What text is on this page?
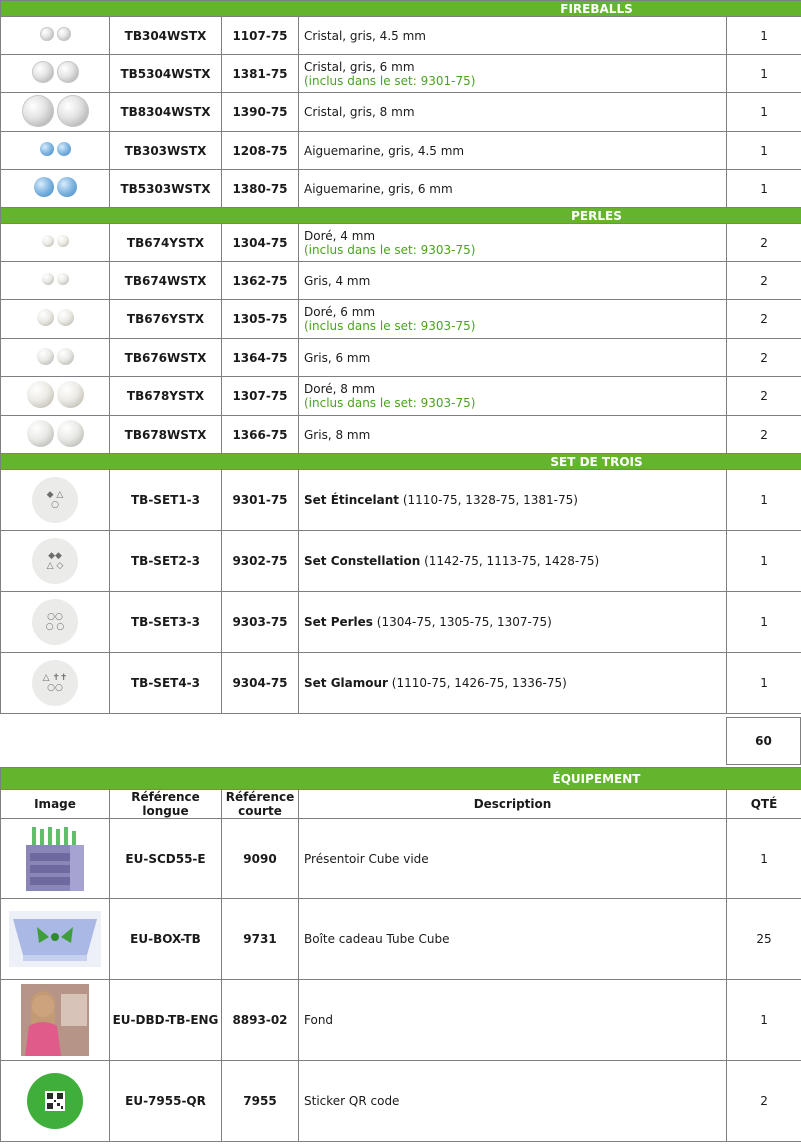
FIREBALLS				

	TB304WSTX	1107-75	Cristal, gris, 4.5 mm	1

	TB5304WSTX	1381-75	Cristal, gris, 6 mm
(inclus dans le set: 9301-75)	1

	TB8304WSTX	1390-75	Cristal, gris, 8 mm	1

	TB303WSTX	1208-75	Aiguemarine, gris, 4.5 mm	1

	TB5303WSTX	1380-75	Aiguemarine, gris, 6 mm	1

PERLES				

	TB674YSTX	1304-75	Doré, 4 mm
(inclus dans le set: 9303-75)	2

	TB674WSTX	1362-75	Gris, 4 mm	2

	TB676YSTX	1305-75	Doré, 6 mm
(inclus dans le set: 9303-75)	2

	TB676WSTX	1364-75	Gris, 6 mm	2

	TB678YSTX	1307-75	Doré, 8 mm
(inclus dans le set: 9303-75)	2

	TB678WSTX	1366-75	Gris, 8 mm	2

SET DE TROIS				

◆ △
○	TB-SET1-3	9301-75	Set Étincelant (1110-75, 1328-75, 1381-75)	1
◆◆
△ ◇	TB-SET2-3	9302-75	Set Constellation (1142-75, 1113-75, 1428-75)	1
○○
○ ○	TB-SET3-3	9303-75	Set Perles (1304-75, 1305-75, 1307-75)	1
△ ✝✝
○○	TB-SET4-3	9304-75	Set Glamour (1110-75, 1426-75, 1336-75)	1
60
ÉQUIPEMENT				

Image	Référence longue	Référence courte	Description	QTÉ
	EU-SCD55-E	9090	Présentoir Cube vide	1
	EU-BOX-TB	9731	Boîte cadeau Tube Cube	25
	EU-DBD-TB-ENG	8893-02	Fond	1
	EU-7955-QR	7955	Sticker QR code	2
